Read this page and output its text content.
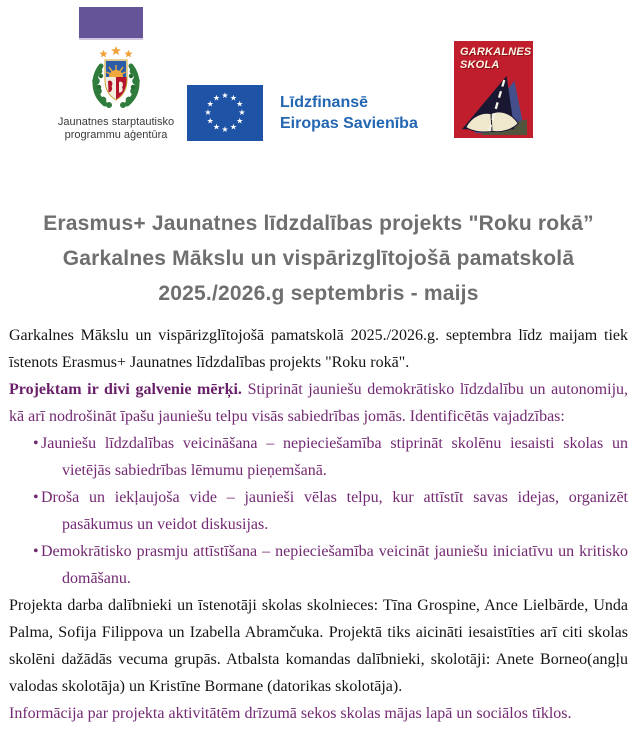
Jaunatnes starptautisko
programmu aģentūra
★ ★
★
★
★
★
★
★
★
★
★
★	Līdzfinansē
Eiropas Savienība
GARKALNES
SKOLA
Erasmus+ Jaunatnes līdzdalības projekts "Roku rokā”
Garkalnes Mākslu un vispārizglītojošā pamatskolā
2025./2026.g septembris - maijs

Garkalnes Mākslu un vispārizglītojošā pamatskolā 2025./2026.g. septembra līdz maijam tiek īstenots Erasmus+ Jaunatnes līdzdalības projekts "Roku rokā".

Projektam ir divi galvenie mērķi. Stiprināt jauniešu demokrātisko līdzdalību un autonomiju, kā arī nodrošināt īpašu jauniešu telpu visās sabiedrības jomās. Identificētās vajadzības:

• Jauniešu līdzdalības veicināšana – nepieciešamība stiprināt skolēnu iesaisti skolas un vietējās sabiedrības lēmumu pieņemšanā.
• Droša un iekļaujoša vide – jaunieši vēlas telpu, kur attīstīt savas idejas, organizēt pasākumus un veidot diskusijas.
• Demokrātisko prasmju attīstīšana – nepieciešamība veicināt jauniešu iniciatīvu un kritisko domāšanu.

Projekta darba dalībnieki un īstenotāji skolas skolnieces: Tīna Grospine, Ance Lielbārde, Unda Palma, Sofija Filippova un Izabella Abramčuka. Projektā tiks aicināti iesaistīties arī citi skolas skolēni dažādās vecuma grupās. Atbalsta komandas dalībnieki, skolotāji: Anete Borneo(angļu valodas skolotāja) un Kristīne Bormane (datorikas skolotāja).

Informācija par projekta aktivitātēm drīzumā sekos skolas mājas lapā un sociālos tīklos.
